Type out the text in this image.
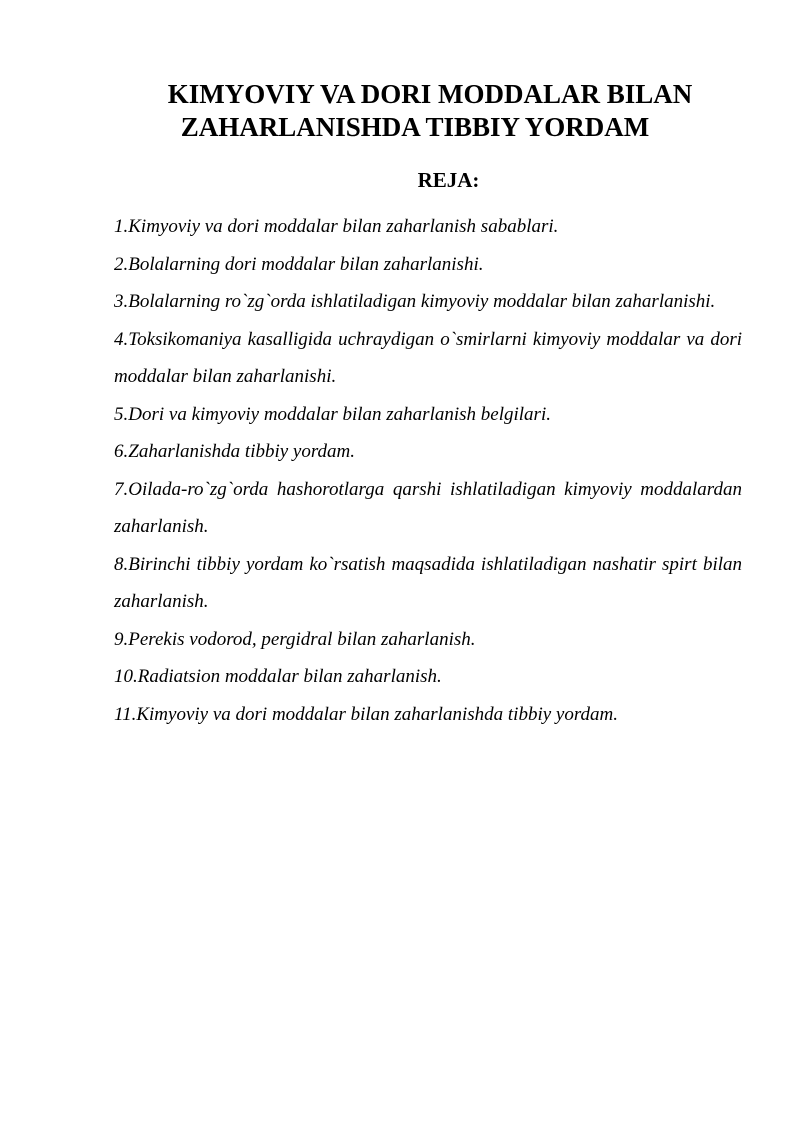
KIMYOVIY VA DORI MODDALAR BILAN
ZAHARLANISHDA TIBBIY YORDAM
REJA:
1.Kimyoviy va dori moddalar bilan zaharlanish sabablari.
2.Bolalarning dori moddalar bilan zaharlanishi.
3.Bolalarning ro`zg`orda ishlatiladigan kimyoviy moddalar bilan zaharlanishi.
4.Toksikomaniya kasalligida uchraydigan o`smirlarni kimyoviy moddalar va dori moddalar bilan zaharlanishi.
5.Dori va kimyoviy moddalar bilan zaharlanish belgilari.
6.Zaharlanishda tibbiy yordam.
7.Oilada-ro`zg`orda hashorotlarga qarshi ishlatiladigan kimyoviy moddalardan zaharlanish.
8.Birinchi tibbiy yordam ko`rsatish maqsadida ishlatiladigan nashatir spirt bilan zaharlanish.
9.Perekis vodorod, pergidral bilan zaharlanish.
10.Radiatsion moddalar bilan zaharlanish.
11.Kimyoviy va dori moddalar bilan zaharlanishda tibbiy yordam.
